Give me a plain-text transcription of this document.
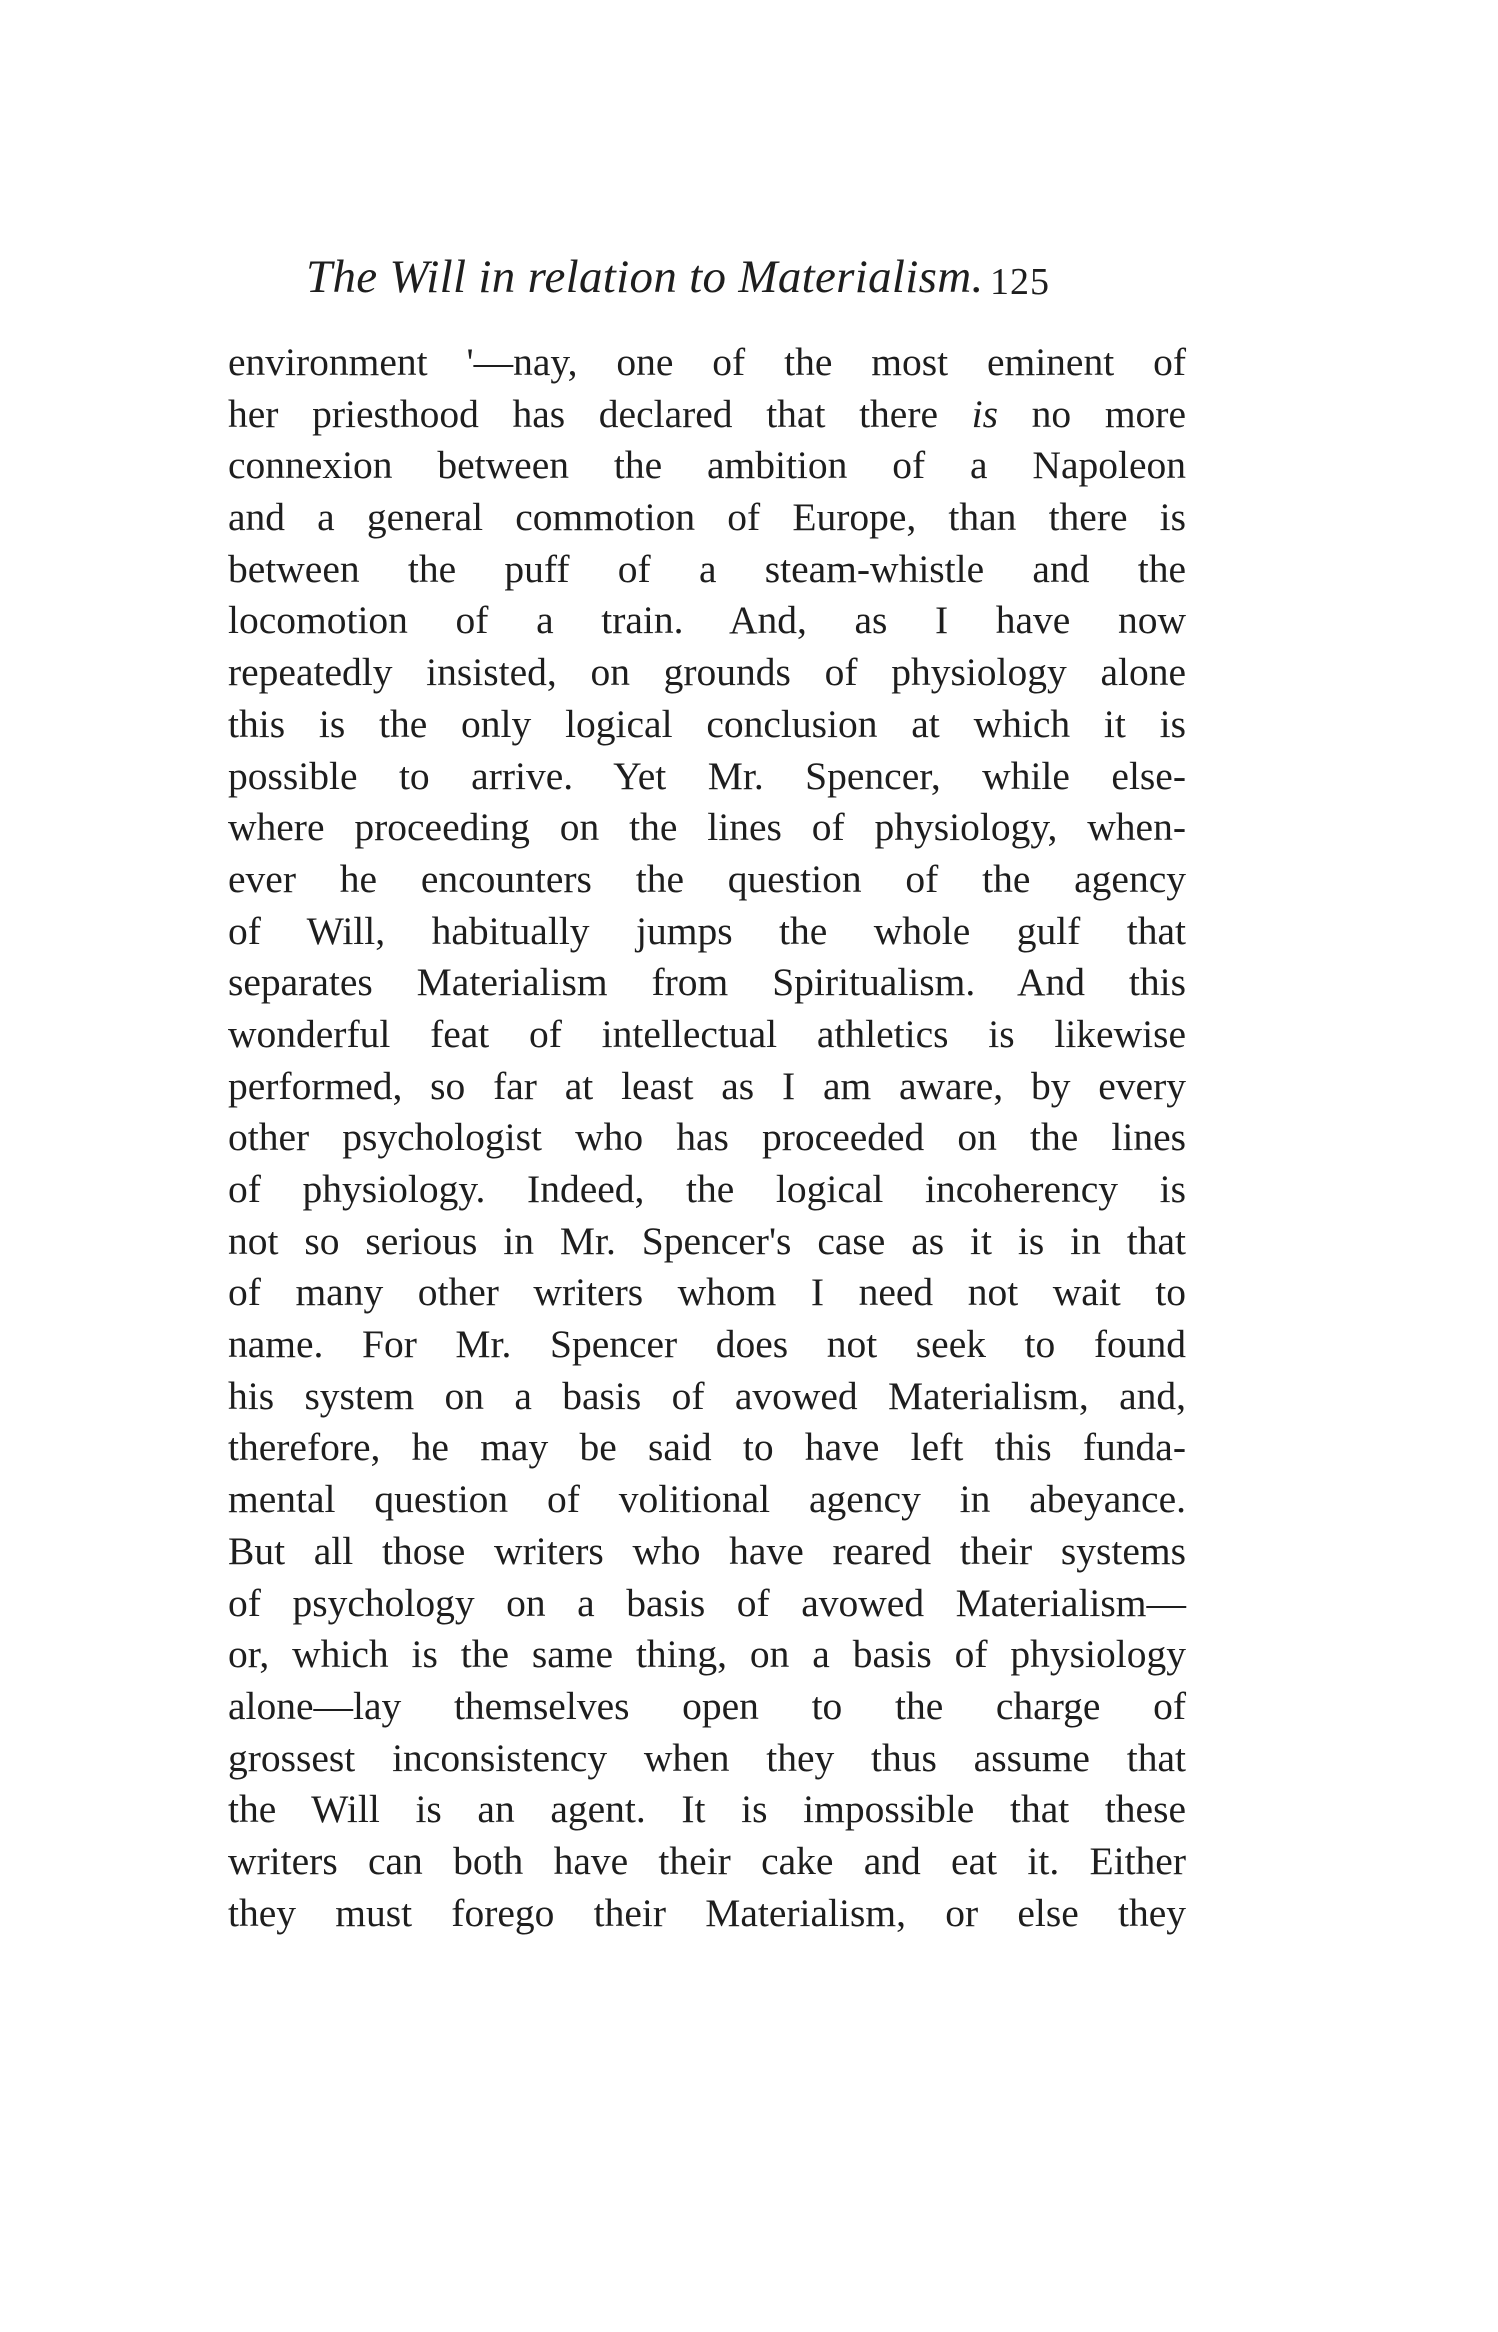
The Will in relation to Materialism. 125
environment '—nay, one of the most eminent of
her priesthood has declared that there is no more
connexion between the ambition of a Napoleon
and a general commotion of Europe, than there is
between the puff of a steam-whistle and the
locomotion of a train. And, as I have now
repeatedly insisted, on grounds of physiology alone
this is the only logical conclusion at which it is
possible to arrive. Yet Mr. Spencer, while else-
where proceeding on the lines of physiology, when-
ever he encounters the question of the agency
of Will, habitually jumps the whole gulf that
separates Materialism from Spiritualism. And this
wonderful feat of intellectual athletics is likewise
performed, so far at least as I am aware, by every
other psychologist who has proceeded on the lines
of physiology. Indeed, the logical incoherency is
not so serious in Mr. Spencer's case as it is in that
of many other writers whom I need not wait to
name. For Mr. Spencer does not seek to found
his system on a basis of avowed Materialism, and,
therefore, he may be said to have left this funda-
mental question of volitional agency in abeyance.
But all those writers who have reared their systems
of psychology on a basis of avowed Materialism—
or, which is the same thing, on a basis of physiology
alone—lay themselves open to the charge of
grossest inconsistency when they thus assume that
the Will is an agent. It is impossible that these
writers can both have their cake and eat it. Either
they must forego their Materialism, or else they
